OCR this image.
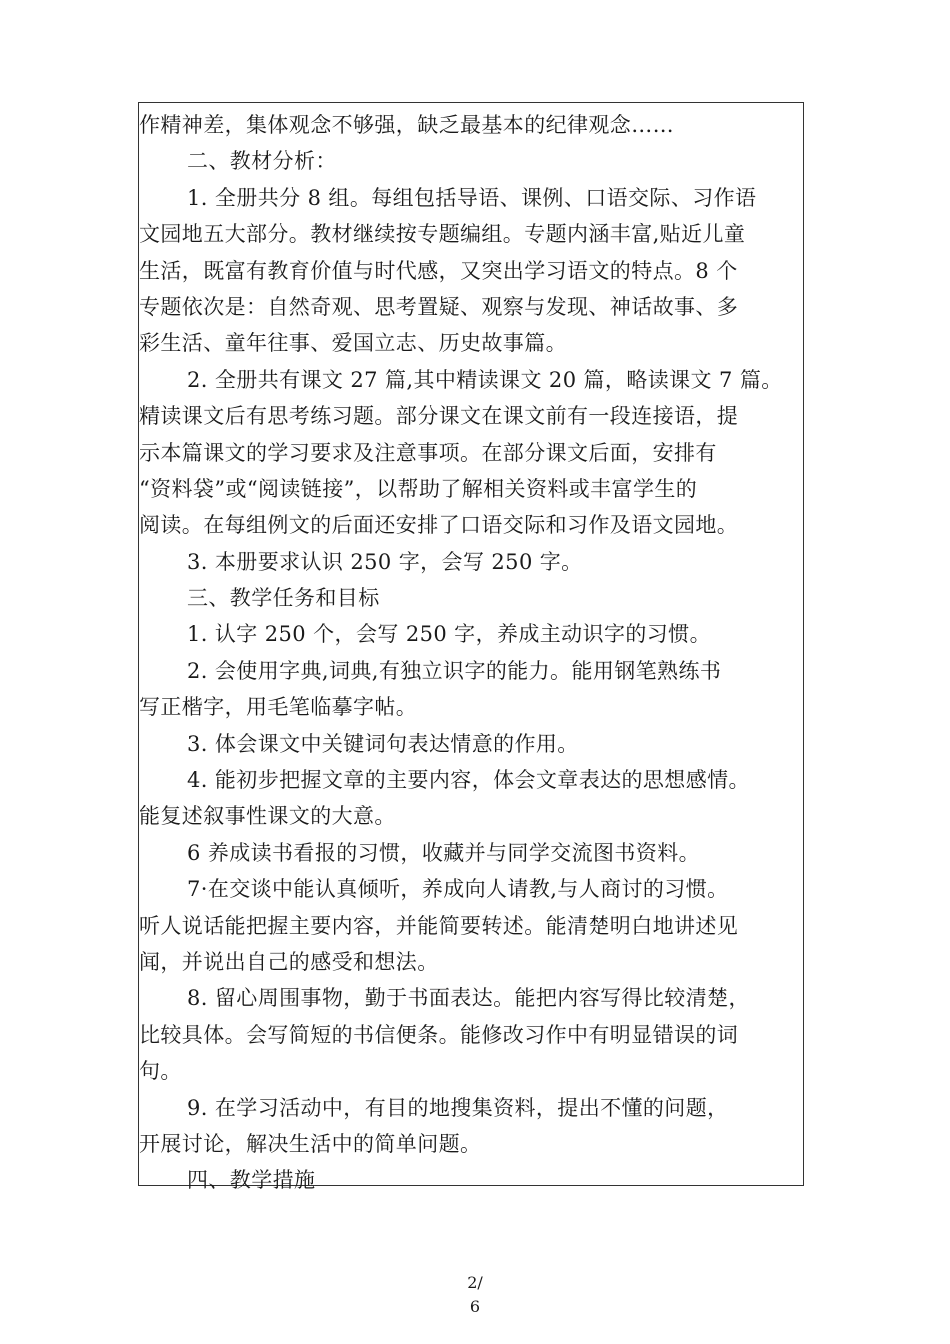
作精神差，集体观念不够强，缺乏最基本的纪律观念……
二、教材分析：
1. 全册共分 8 组。每组包括导语、课例、口语交际、习作语
文园地五大部分。教材继续按专题编组。专题内涵丰富,贴近儿童
生活，既富有教育价值与时代感，又突出学习语文的特点。8 个
专题依次是：自然奇观、思考置疑、观察与发现、神话故事、多
彩生活、童年往事、爱国立志、历史故事篇。
2. 全册共有课文 27 篇,其中精读课文 20 篇，略读课文 7 篇。
精读课文后有思考练习题。部分课文在课文前有一段连接语，提
示本篇课文的学习要求及注意事项。在部分课文后面，安排有
“资料袋”或“阅读链接”，以帮助了解相关资料或丰富学生的
阅读。在每组例文的后面还安排了口语交际和习作及语文园地。
3. 本册要求认识 250 字，会写 250 字。
三、教学任务和目标
1. 认字 250 个，会写 250 字，养成主动识字的习惯。
2. 会使用字典,词典,有独立识字的能力。能用钢笔熟练书
写正楷字，用毛笔临摹字帖。
3. 体会课文中关键词句表达情意的作用。
4. 能初步把握文章的主要内容，体会文章表达的思想感情。
能复述叙事性课文的大意。
6 养成读书看报的习惯，收藏并与同学交流图书资料。
7·在交谈中能认真倾听，养成向人请教,与人商讨的习惯。
听人说话能把握主要内容，并能简要转述。能清楚明白地讲述见
闻，并说出自己的感受和想法。
8. 留心周围事物，勤于书面表达。能把内容写得比较清楚，
比较具体。会写简短的书信便条。能修改习作中有明显错误的词
句。
9. 在学习活动中，有目的地搜集资料，提出不懂的问题，
开展讨论，解决生活中的简单问题。
四、教学措施
2/
6
